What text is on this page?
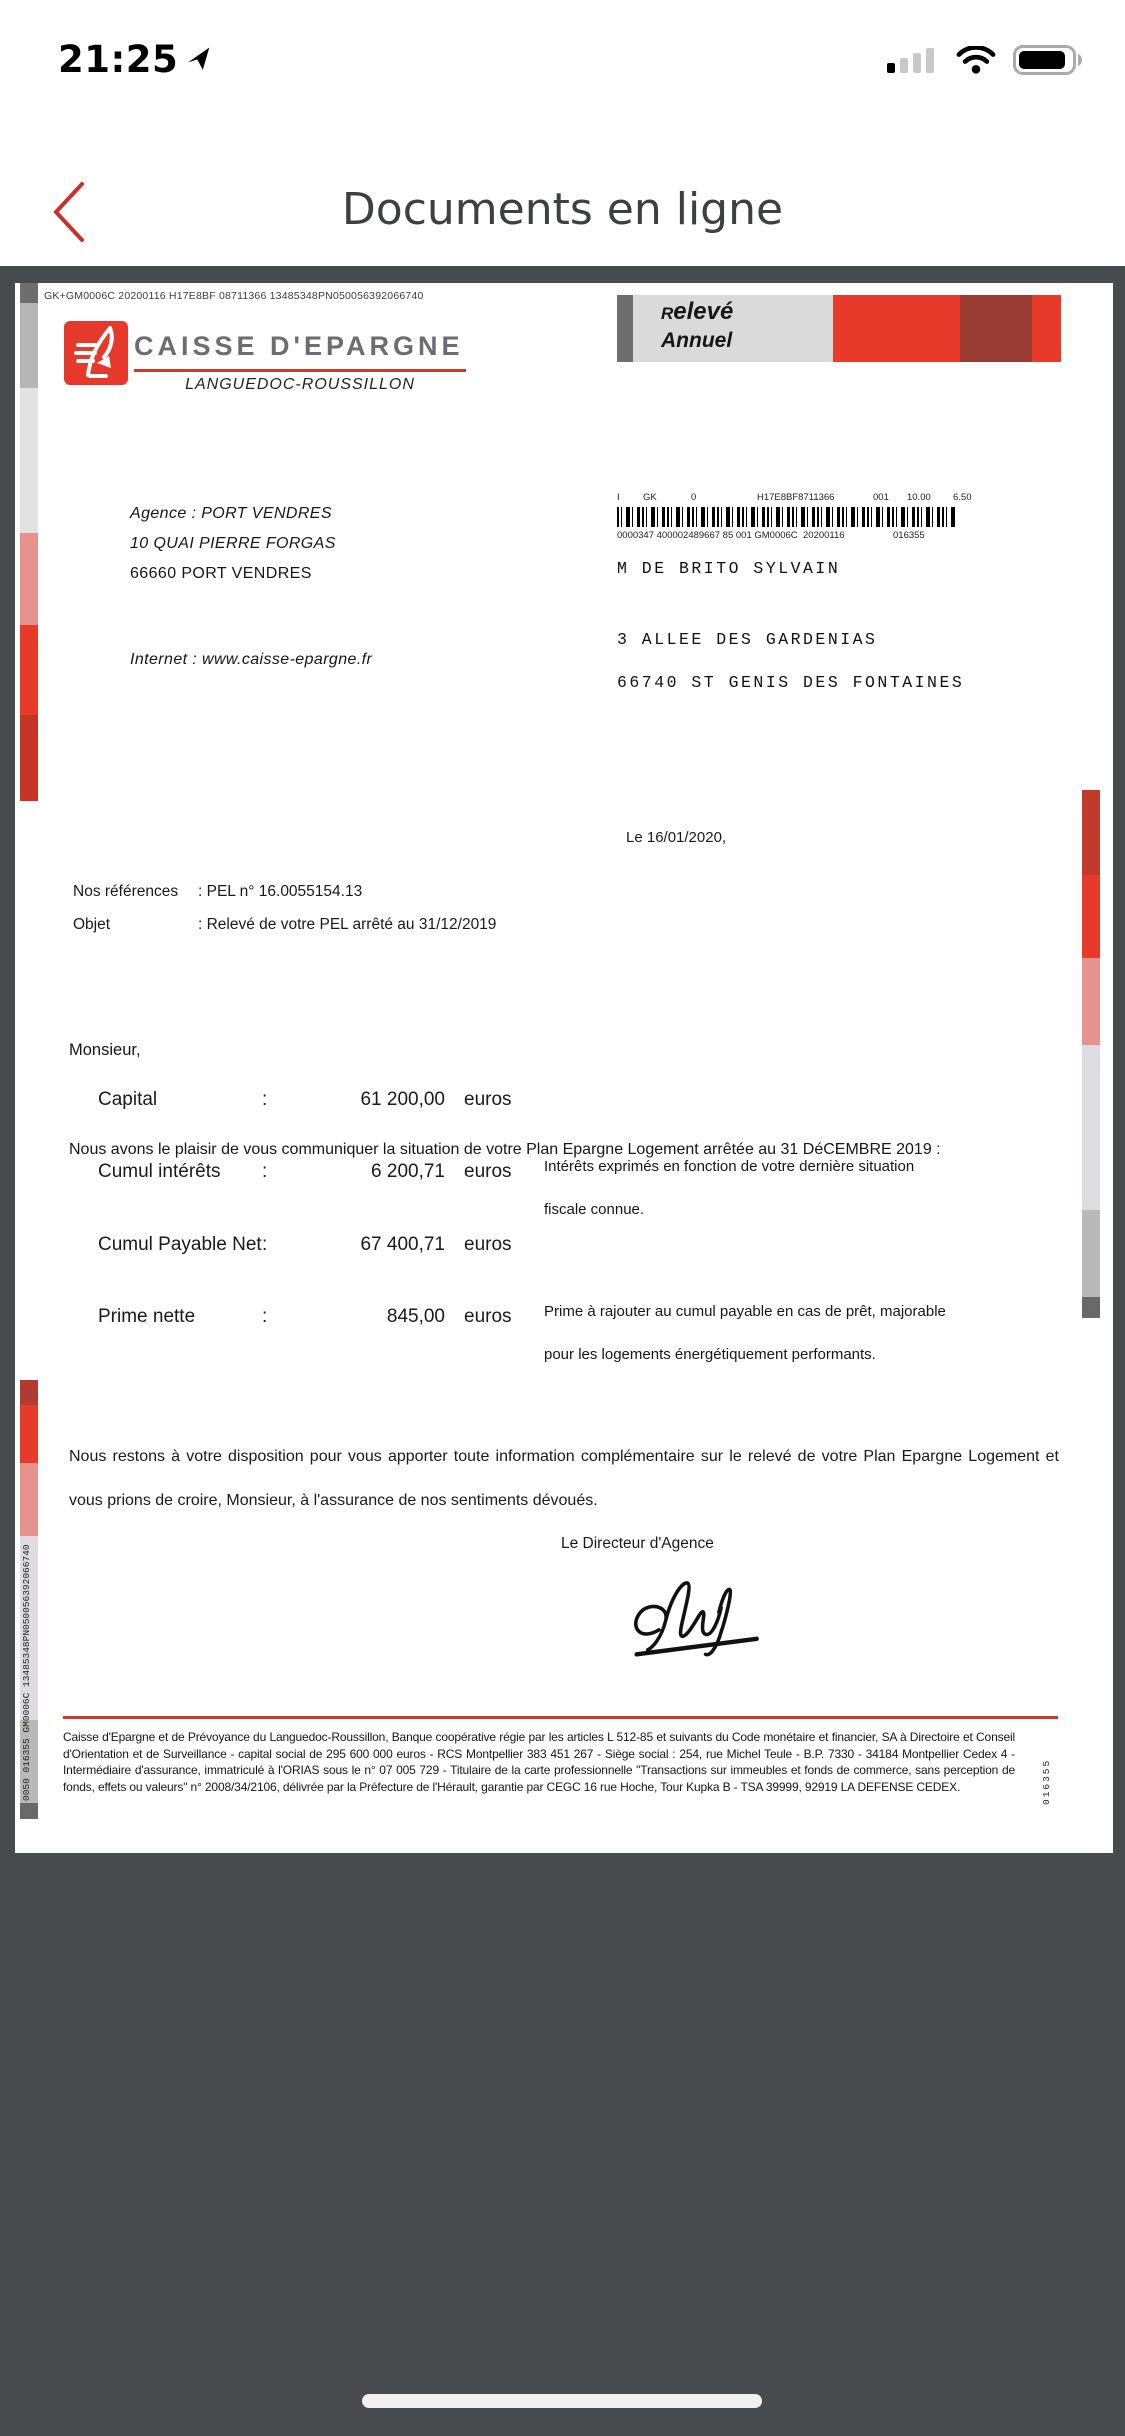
21:25
Documents en ligne
0050 016355 GM0006C 13485348PN050056392066740	016355
GK+GM0006C 20200116 H17E8BF 08711366 13485348PN050056392066740
CAISSE D'EPARGNE
LANGUEDOC-ROUSSILLON
Relevé
Annuel
Agence : PORT VENDRES
10 QUAI PIERRE FORGAS
66660 PORT VENDRES
Internet : www.caisse-epargne.fr
I GK	0	H17E8BF8711366	001 10.00 6.50
0000347 400002489667 85 001 GM0006C 20200116	016355
M DE BRITO SYLVAIN
3 ALLEE DES GARDENIAS
66740 ST GENIS DES FONTAINES
Le 16/01/2020,
Nos références : PEL n° 16.0055154.13
Objet	: Relevé de votre PEL arrêté au 31/12/2019
Monsieur,
Nous avons le plaisir de vous communiquer la situation de votre Plan Epargne Logement arrêtée au 31 DéCEMBRE 2019 :
Capital	:	61 200,00 euros
Cumul intérêts :	6 200,71 euros Intérêts exprimés en fonction de votre dernière situation
fiscale connue.
Cumul Payable Net :	67 400,71 euros
Prime nette	:	845,00 euros Prime à rajouter au cumul payable en cas de prêt, majorable
pour les logements énergétiquement performants.
Nous restons à votre disposition pour vous apporter toute information complémentaire sur le relevé de votre Plan Epargne Logement et vous prions de croire, Monsieur, à l'assurance de nos sentiments dévoués.
Le Directeur d'Agence
Caisse d'Epargne et de Prévoyance du Languedoc-Roussillon, Banque coopérative régie par les articles L 512-85 et suivants du Code monétaire et financier, SA à Directoire et Conseil d'Orientation et de Surveillance - capital social de 295 600 000 euros - RCS Montpellier 383 451 267 - Siège social : 254, rue Michel Teule - B.P. 7330 - 34184 Montpellier Cedex 4 - Intermédiaire d'assurance, immatriculé à l'ORIAS sous le n° 07 005 729 - Titulaire de la carte professionnelle "Transactions sur immeubles et fonds de commerce, sans perception de fonds, effets ou valeurs" n° 2008/34/2106, délivrée par la Préfecture de l'Hérault, garantie par CEGC 16 rue Hoche, Tour Kupka B - TSA 39999, 92919 LA DEFENSE CEDEX.
